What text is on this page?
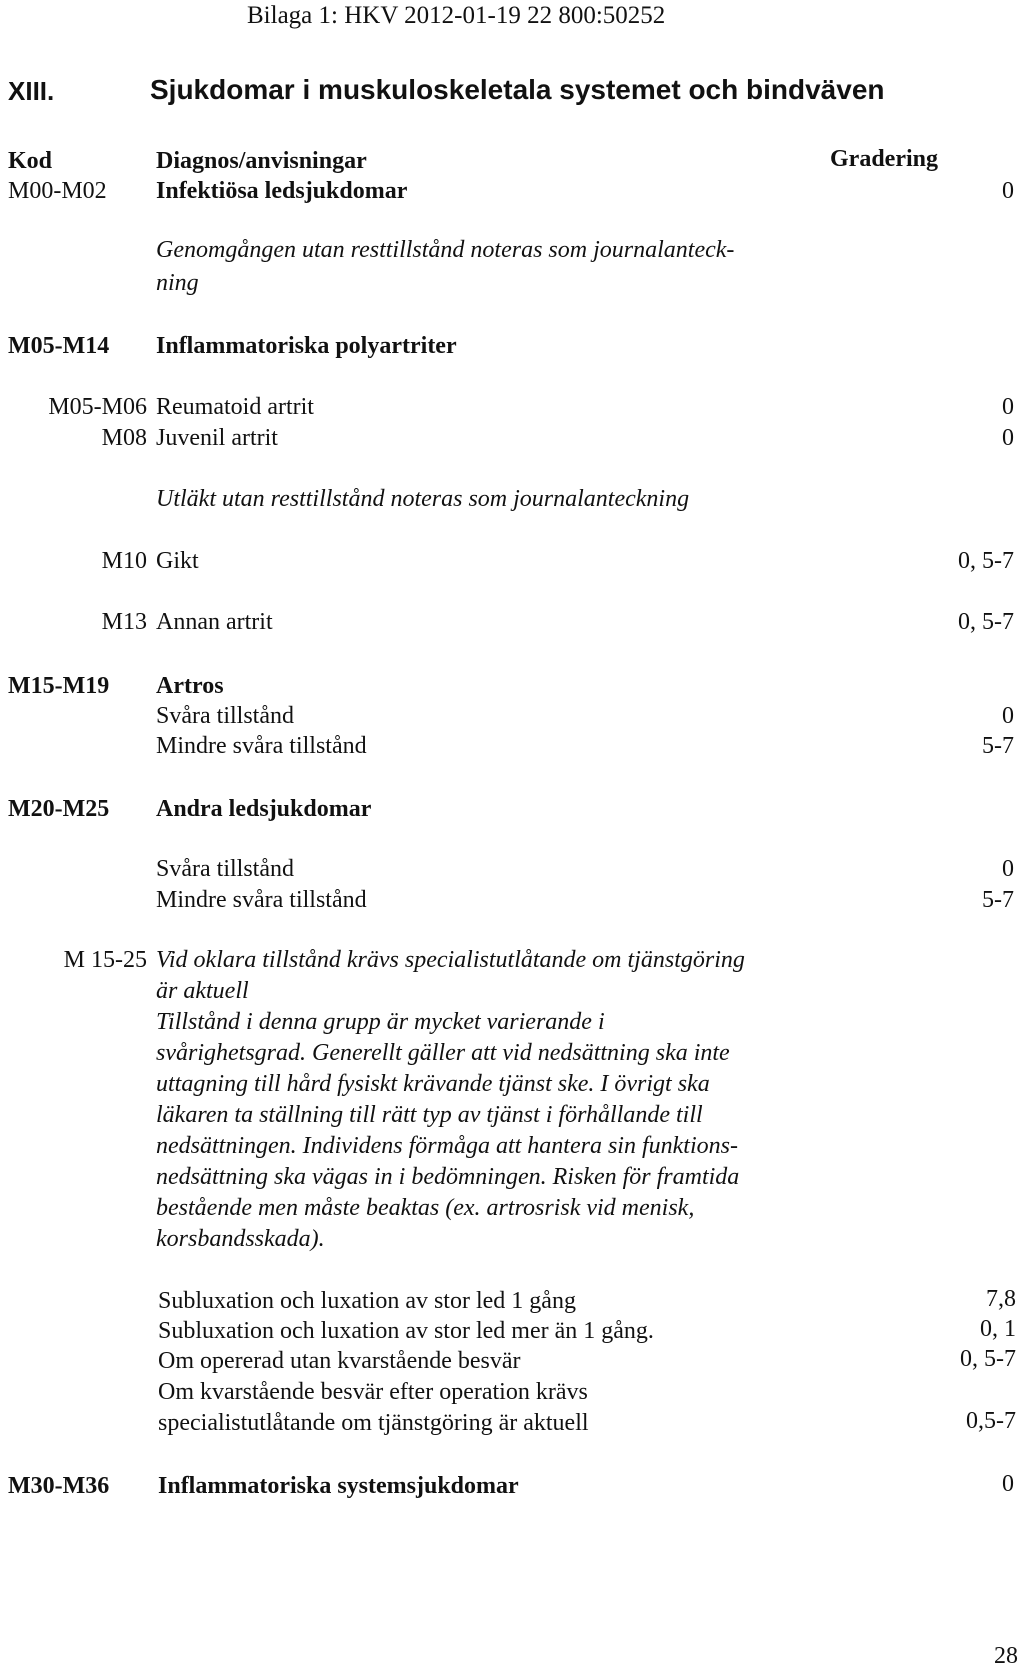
Bilaga 1: HKV 2012-01-19 22 800:50252
XIII.	Sjukdomar i muskuloskeletala systemet och bindväven
Kod	Diagnos/anvisningar	Gradering
M00-M02 Infektiösa ledsjukdomar	0
Genomgången utan resttillstånd noteras som journalanteck-
ning
M05-M14 Inflammatoriska polyartriter
M05-M06 Reumatoid artrit	0
M08 Juvenil artrit	0
Utläkt utan resttillstånd noteras som journalanteckning
M10 Gikt	0, 5-7
M13 Annan artrit	0, 5-7
M15-M19 Artros
Svåra tillstånd	0
Mindre svåra tillstånd	5-7
M20-M25 Andra ledsjukdomar
Svåra tillstånd	0
Mindre svåra tillstånd	5-7
M 15-25 Vid oklara tillstånd krävs specialistutlåtande om tjänstgöring
är aktuell
Tillstånd i denna grupp är mycket varierande i
svårighetsgrad. Generellt gäller att vid nedsättning ska inte
uttagning till hård fysiskt krävande tjänst ske. I övrigt ska
läkaren ta ställning till rätt typ av tjänst i förhållande till
nedsättningen. Individens förmåga att hantera sin funktions-
nedsättning ska vägas in i bedömningen. Risken för framtida
bestående men måste beaktas (ex. artrosrisk vid menisk,
korsbandsskada).
Subluxation och luxation av stor led 1 gång	7,8
Subluxation och luxation av stor led mer än 1 gång.	0, 1
Om opererad utan kvarstående besvär	0, 5-7
Om kvarstående besvär efter operation krävs
specialistutlåtande om tjänstgöring är aktuell	0,5-7
M30-M36 Inflammatoriska systemsjukdomar	0
28
